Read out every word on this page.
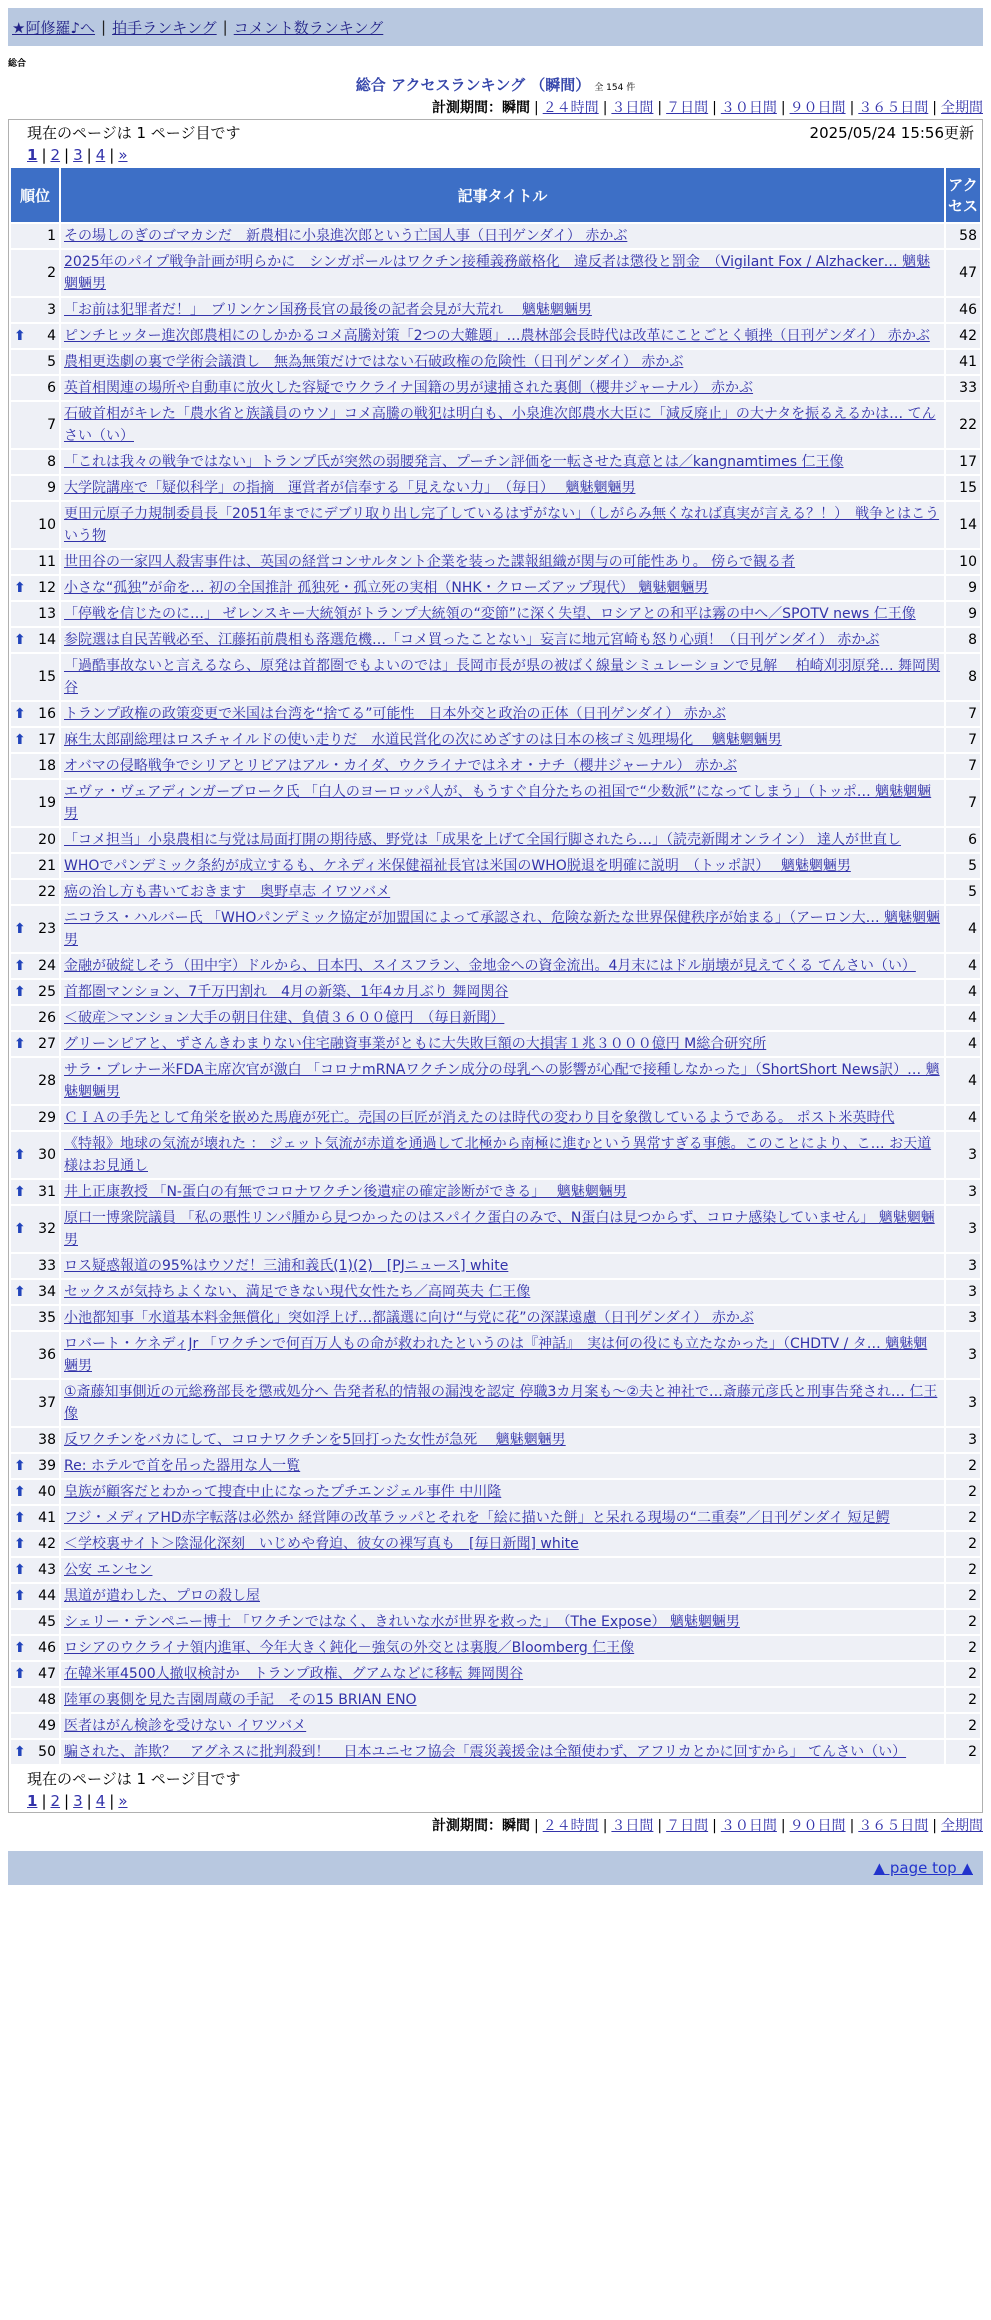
★阿修羅♪へ | 拍手ランキング | コメント数ランキング
総合
総合 アクセスランキング （瞬間） 全 154 件
計測期間：瞬間 | ２４時間 | ３日間 | ７日間 | ３０日間 | ９０日間 | ３６５日間 | 全期間
現在のページは 1 ページ目です	2025/05/24 15:56更新
1 | 2 | 3 | 4 | »
順位	記事タイトル	アクセス
1	その場しのぎのゴマカシだ　新農相に小泉進次郎という亡国人事（日刊ゲンダイ） 赤かぶ	58
2	2025年のパイプ戦争計画が明らかに　シンガポールはワクチン接種義務厳格化　違反者は懲役と罰金　（Vigilant Fox / Alzhacker… 魑魅魍魎男	47
3	「お前は犯罪者だ！」　ブリンケン国務長官の最後の記者会見が大荒れ　 魑魅魍魎男	46

⬆ 4	ピンチヒッター進次郎農相にのしかかるコメ高騰対策「2つの大難題」…農林部会長時代は改革にことごとく頓挫（日刊ゲンダイ） 赤かぶ	42
5	農相更迭劇の裏で学術会議潰し　無為無策だけではない石破政権の危険性（日刊ゲンダイ） 赤かぶ	41
6	英首相関連の場所や自動車に放火した容疑でウクライナ国籍の男が逮捕された裏側（櫻井ジャーナル） 赤かぶ	33
7	石破首相がキレた「農水省と族議員のウソ」コメ高騰の戦犯は明白も、小泉進次郎農水大臣に「減反廃止」の大ナタを振るえるかは… てんさい（い）	22
8	「これは我々の戦争ではない」トランプ氏が突然の弱腰発言、プーチン評価を一転させた真意とは／kangnamtimes 仁王像	17
9	大学院講座で「疑似科学」の指摘　運営者が信奉する「見えない力」　（毎日）　 魑魅魍魎男	15
10	更田元原子力規制委員長「2051年までにデブリ取り出し完了しているはずがない」（しがらみ無くなれば真実が言える？！）　戦争とはこういう物	14
11	世田谷の一家四人殺害事件は、英国の経営コンサルタント企業を装った諜報組織が関与の可能性あり。 傍らで観る者	10

⬆ 12	小さな“孤独”が命を… 初の全国推計 孤独死・孤立死の実相（NHK・クローズアップ現代） 魑魅魍魎男	9
13	「停戦を信じたのに…」 ゼレンスキー大統領がトランプ大統領の“変節”に深く失望、ロシアとの和平は霧の中へ／SPOTV news 仁王像	9

⬆ 14	参院選は自民苦戦必至、江藤拓前農相も落選危機…「コメ買ったことない」妄言に地元宮崎も怒り心頭！（日刊ゲンダイ） 赤かぶ	8
15	「過酷事故ないと言えるなら、原発は首都圏でもよいのでは」長岡市長が県の被ばく線量シミュレーションで見解　 柏崎刈羽原発… 舞岡関谷	8

⬆ 16	トランプ政権の政策変更で米国は台湾を“捨てる”可能性　日本外交と政治の正体（日刊ゲンダイ） 赤かぶ	7

⬆ 17	麻生太郎副総理はロスチャイルドの使い走りだ　水道民営化の次にめざすのは日本の核ゴミ処理場化　 魑魅魍魎男	7
18	オバマの侵略戦争でシリアとリビアはアル・カイダ、ウクライナではネオ・ナチ（櫻井ジャーナル） 赤かぶ	7
19	エヴァ・ヴェアディンガーブローク氏 「白人のヨーロッパ人が、もうすぐ自分たちの祖国で“少数派”になってしまう」（トッポ… 魑魅魍魎男	7
20	「コメ担当」小泉農相に与党は局面打開の期待感、野党は「成果を上げて全国行脚されたら…」（読売新聞オンライン） 達人が世直し	6
21	WHOでパンデミック条約が成立するも、ケネディ米保健福祉長官は米国のWHO脱退を明確に説明　（トッポ訳）　 魑魅魍魎男	5
22	癌の治し方も書いておきます　奥野卓志 イワツバメ	5

⬆ 23	ニコラス・ハルバー氏 「WHOパンデミック協定が加盟国によって承認され、危険な新たな世界保健秩序が始まる」（アーロン大… 魑魅魍魎男	4

⬆ 24	金融が破綻しそう（田中宇）ドルから、日本円、スイスフラン、金地金への資金流出。4月末にはドル崩壊が見えてくる てんさい（い）	4

⬆ 25	首都圏マンション、7千万円割れ　4月の新築、1年4カ月ぶり 舞岡関谷	4
26	＜破産＞マンション大手の朝日住建、負債３６００億円　（毎日新聞）	4

⬆ 27	グリーンピアと、ずさんきわまりない住宅融資事業がともに大失敗巨額の大損害１兆３０００億円 M総合研究所	4
28	サラ・ブレナー米FDA主席次官が激白 「コロナmRNAワクチン成分の母乳への影響が心配で接種しなかった」（ShortShort News訳）… 魑魅魍魎男	4
29	ＣＩＡの手先として角栄を嵌めた馬鹿が死亡。売国の巨匠が消えたのは時代の変わり目を象徴しているようである。 ポスト米英時代	4

⬆ 30	《特報》地球の気流が壊れた ： ジェット気流が赤道を通過して北極から南極に進むという異常すぎる事態。このことにより、こ… お天道様はお見通し	3

⬆ 31	井上正康教授 「N-蛋白の有無でコロナワクチン後遺症の確定診断ができる」　 魑魅魍魎男	3

⬆ 32	原口一博衆院議員 「私の悪性リンパ腫から見つかったのはスパイク蛋白のみで、N蛋白は見つからず、コロナ感染していません」 魑魅魍魎男	3
33	ロス疑惑報道の95%はウソだ！三浦和義氏(1)(2)　[PJニュース] white	3

⬆ 34	セックスが気持ちよくない、満足できない現代女性たち／高岡英夫 仁王像	3
35	小池都知事「水道基本料金無償化」突如浮上げ…都議選に向け“与党に花”の深謀遠慮（日刊ゲンダイ） 赤かぶ	3
36	ロバート・ケネディJr 「ワクチンで何百万人もの命が救われたというのは『神話』　実は何の役にも立たなかった」（CHDTV / タ… 魑魅魍魎男	3
37	①斎藤知事側近の元総務部長を懲戒処分へ 告発者私的情報の漏洩を認定 停職3カ月案も～②夫と神社で…斎藤元彦氏と刑事告発され… 仁王像	3
38	反ワクチンをバカにして、コロナワクチンを5回打った女性が急死　 魑魅魍魎男	3

⬆ 39	Re: ホテルで首を吊った器用な人一覧	2

⬆ 40	皇族が顧客だとわかって捜査中止になったプチエンジェル事件 中川隆	2

⬆ 41	フジ・メディアHD赤字転落は必然か 経営陣の改革ラッパとそれを「絵に描いた餅」と呆れる現場の“二重奏”／日刊ゲンダイ 短足鰐	2

⬆ 42	＜学校裏サイト＞陰湿化深刻　いじめや脅迫、彼女の裸写真も　[毎日新聞] white	2

⬆ 43	公安 エンセン	2

⬆ 44	黒道が遣わした、プロの殺し屋	2
45	シェリー・テンペニー博士 「ワクチンではなく、きれいな水が世界を救った」　（The Expose） 魑魅魍魎男	2

⬆ 46	ロシアのウクライナ領内進軍、今年大きく鈍化－強気の外交とは裏腹／Bloomberg 仁王像	2

⬆ 47	在韓米軍4500人撤収検討か　トランプ政権、グアムなどに移転 舞岡関谷	2
48	陸軍の裏側を見た吉園周蔵の手記　その15 BRIAN ENO	2
49	医者はがん検診を受けない イワツバメ	2

⬆ 50	騙された、詐欺？　アグネスに批判殺到！　日本ユニセフ協会「震災義援金は全額使わず、アフリカとかに回すから」 てんさい（い）	2
現在のページは 1 ページ目です
1 | 2 | 3 | 4 | »
計測期間：瞬間 | ２４時間 | ３日間 | ７日間 | ３０日間 | ９０日間 | ３６５日間 | 全期間
▲ page top ▲
